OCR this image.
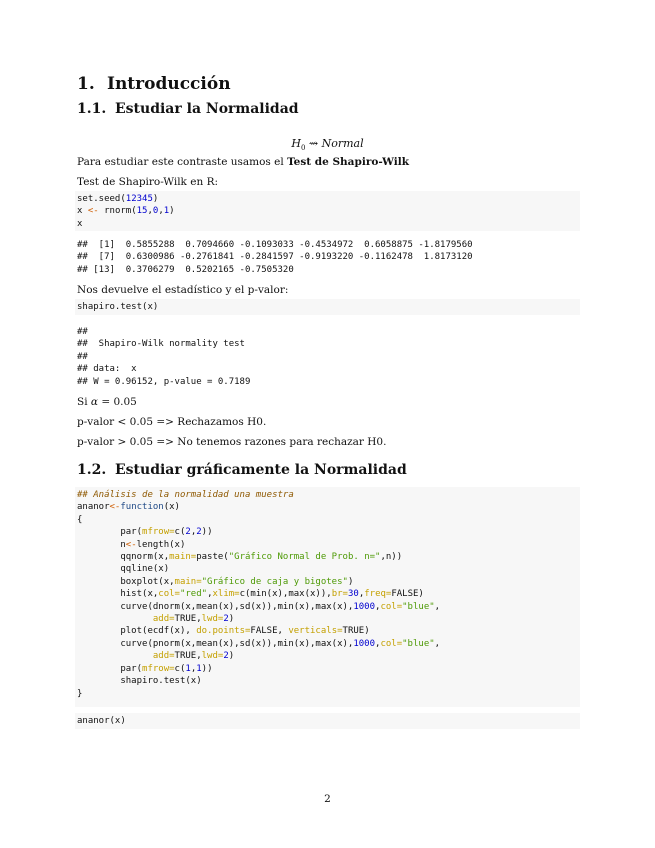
1. Introducción
1.1. Estudiar la Normalidad
$H_0$ ⇝ Normal
Para estudiar este contraste usamos el Test de Shapiro-Wilk
Test de Shapiro-Wilk en R:
set.seed(12345)
x <- rnorm(15,0,1)
x
##  [1]  0.5855288  0.7094660 -0.1093033 -0.4534972  0.6058875 -1.8179560
##  [7]  0.6300986 -0.2761841 -0.2841597 -0.9193220 -0.1162478  1.8173120
## [13]  0.3706279  0.5202165 -0.7505320
Nos devuelve el estadístico y el p-valor:
shapiro.test(x)
##
##  Shapiro-Wilk normality test
##
## data:  x
## W = 0.96152, p-value = 0.7189
Si α = 0.05
p-valor < 0.05 => Rechazamos H0.
p-valor > 0.05 => No tenemos razones para rechazar H0.
1.2. Estudiar gráficamente la Normalidad
## Análisis de la normalidad una muestra
ananor<-function(x)
{
par(mfrow=c(2,2))
n<-length(x)
qqnorm(x,main=paste("Gráfico Normal de Prob. n=",n))
qqline(x)
boxplot(x,main="Gráfico de caja y bigotes")
hist(x,col="red",xlim=c(min(x),max(x)),br=30,freq=FALSE)
curve(dnorm(x,mean(x),sd(x)),min(x),max(x),1000,col="blue",
add=TRUE,lwd=2)
plot(ecdf(x), do.points=FALSE, verticals=TRUE)
curve(pnorm(x,mean(x),sd(x)),min(x),max(x),1000,col="blue",
add=TRUE,lwd=2)
par(mfrow=c(1,1))
shapiro.test(x)
}
ananor(x)
2
